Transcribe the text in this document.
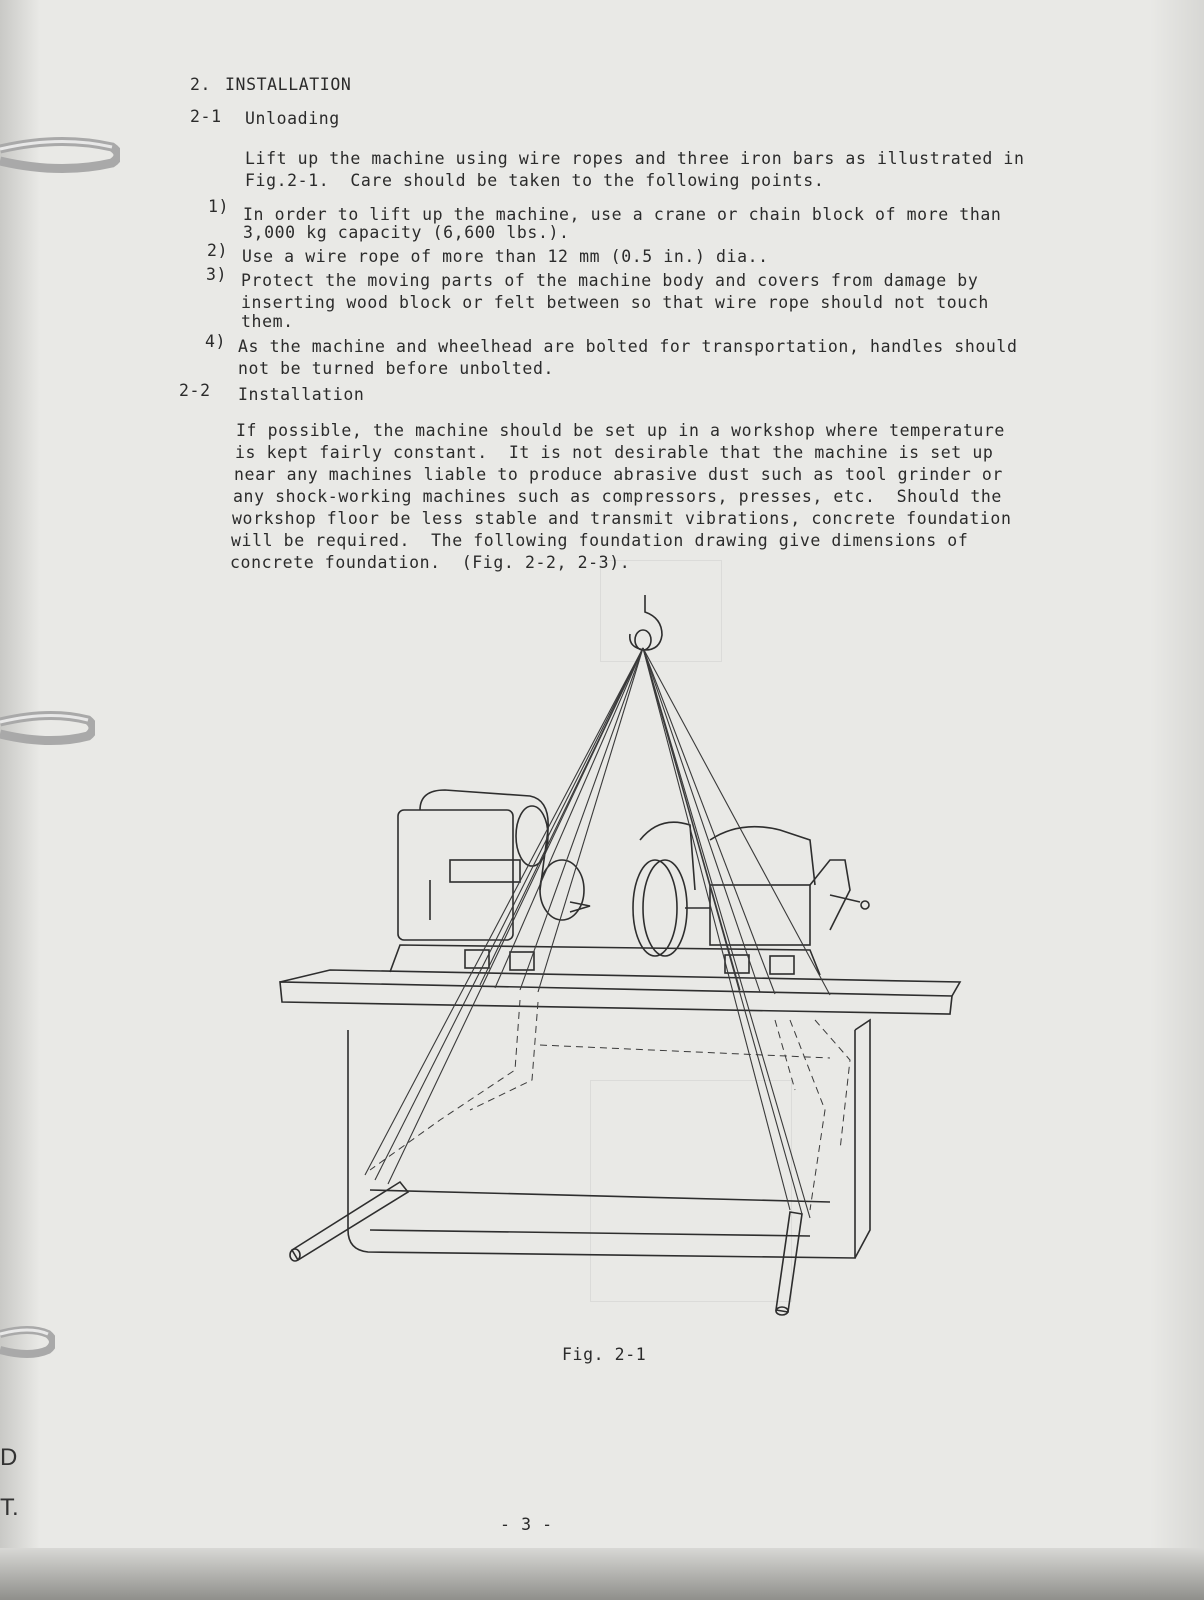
2. INSTALLATION
2-1 Unloading
Lift up the machine using wire ropes and three iron bars as illustrated in
Fig.2-1.  Care should be taken to the following points.
1) In order to lift up the machine, use a crane or chain block of more than
3,000 kg capacity (6,600 lbs.).
2) Use a wire rope of more than 12 mm (0.5 in.) dia..
3) Protect the moving parts of the machine body and covers from damage by
inserting wood block or felt between so that wire rope should not touch
them.
4) As the machine and wheelhead are bolted for transportation, handles should
not be turned before unbolted.
2-2 Installation
If possible, the machine should be set up in a workshop where temperature
is kept fairly constant.  It is not desirable that the machine is set up
near any machines liable to produce abrasive dust such as tool grinder or
any shock-working machines such as compressors, presses, etc.  Should the
workshop floor be less stable and transmit vibrations, concrete foundation
will be required.  The following foundation drawing give dimensions of
concrete foundation.  (Fig. 2-2, 2-3).
Fig. 2-1
- 3 -
D
T.
